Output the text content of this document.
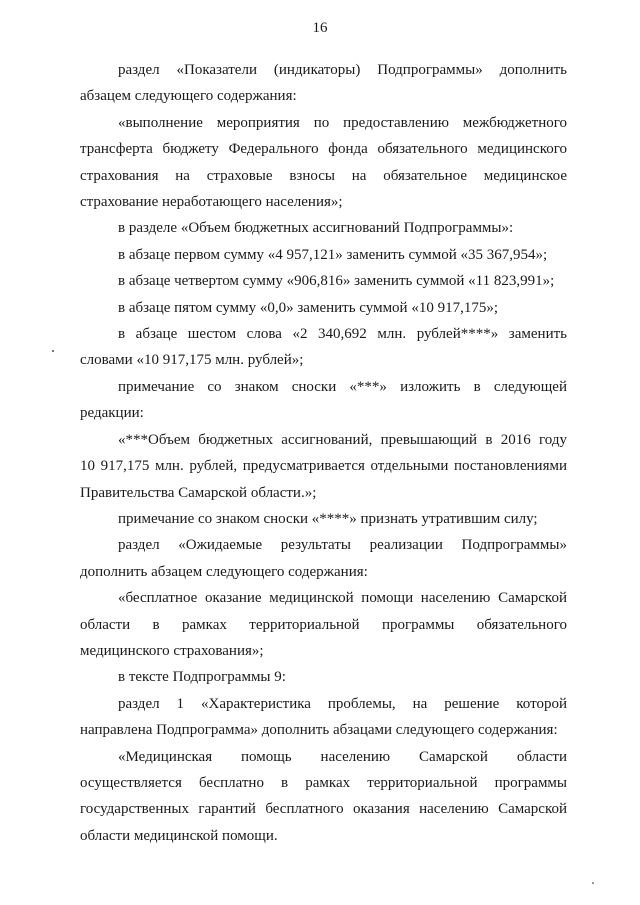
16
раздел «Показатели (индикаторы) Подпрограммы» дополнить
абзацем следующего содержания:
«выполнение мероприятия по предоставлению межбюджетного
трансферта бюджету Федерального фонда обязательного медицинского
страхования на страховые взносы на обязательное медицинское
страхование неработающего населения»;
в разделе «Объем бюджетных ассигнований Подпрограммы»:
в абзаце первом сумму «4 957,121» заменить суммой «35 367,954»;
в абзаце четвертом сумму «906,816» заменить суммой «11 823,991»;
в абзаце пятом сумму «0,0» заменить суммой «10 917,175»;
в абзаце шестом слова «2 340,692 млн. рублей****» заменить
словами «10 917,175 млн. рублей»;
примечание со знаком сноски «***» изложить в следующей
редакции:
«***Объем бюджетных ассигнований, превышающий в 2016 году
10 917,175 млн. рублей, предусматривается отдельными постановлениями
Правительства Самарской области.»;
примечание со знаком сноски «****» признать утратившим силу;
раздел «Ожидаемые результаты реализации Подпрограммы»
дополнить абзацем следующего содержания:
«бесплатное оказание медицинской помощи населению Самарской
области в рамках территориальной программы обязательного
медицинского страхования»;
в тексте Подпрограммы 9:
раздел 1 «Характеристика проблемы, на решение которой
направлена Подпрограмма» дополнить абзацами следующего содержания:
«Медицинская помощь населению Самарской области
осуществляется бесплатно в рамках территориальной программы
государственных гарантий бесплатного оказания населению Самарской
области медицинской помощи.
